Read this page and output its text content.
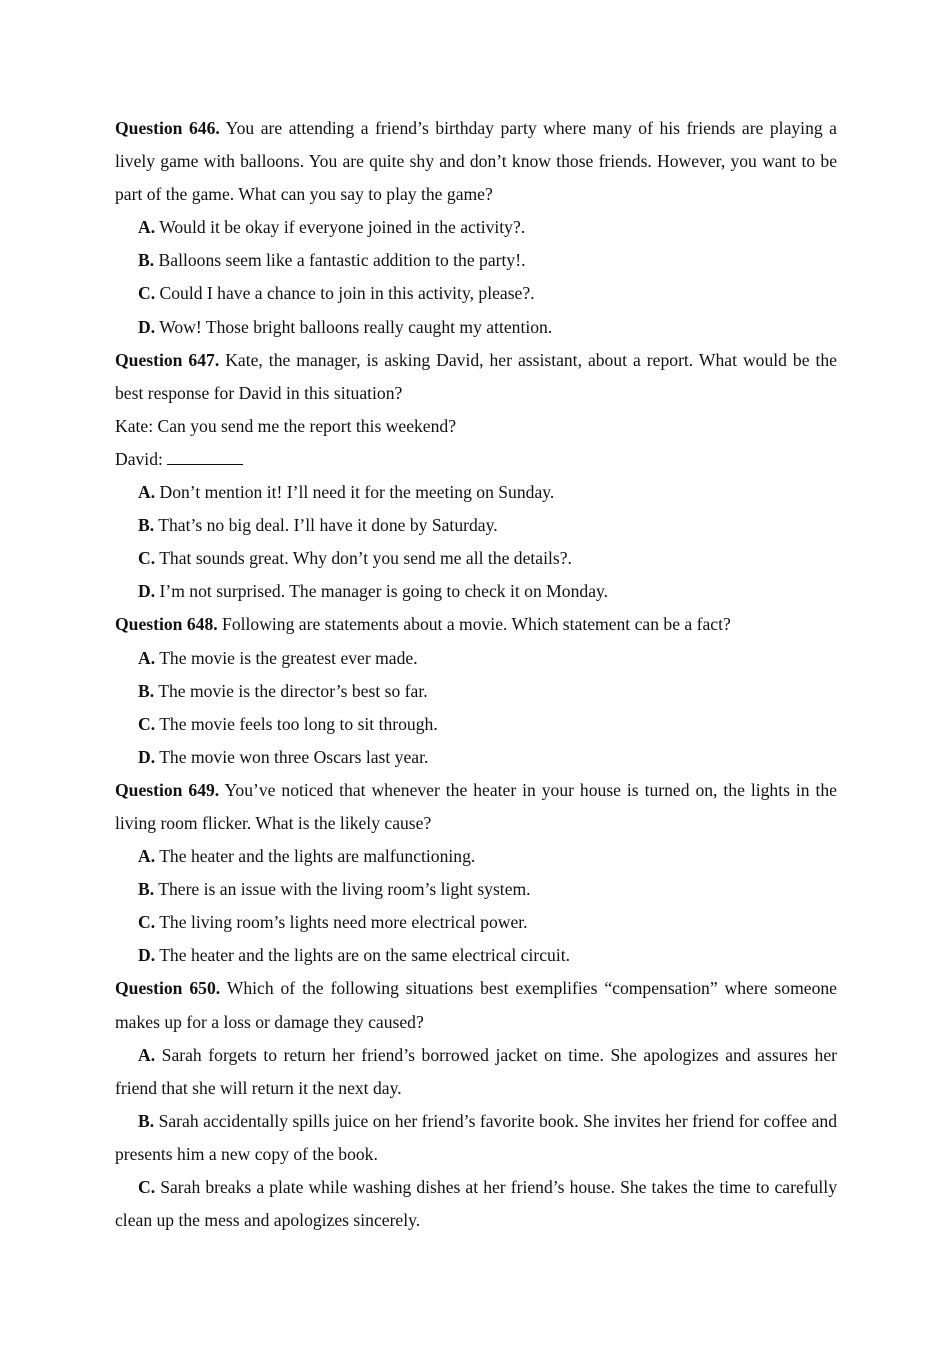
Question 646. You are attending a friend’s birthday party where many of his friends are playing a lively game with balloons. You are quite shy and don’t know those friends. However, you want to be part of the game. What can you say to play the game?

A. Would it be okay if everyone joined in the activity?.

B. Balloons seem like a fantastic addition to the party!.

C. Could I have a chance to join in this activity, please?.

D. Wow! Those bright balloons really caught my attention.

Question 647. Kate, the manager, is asking David, her assistant, about a report. What would be the best response for David in this situation?

Kate: Can you send me the report this weekend?

David:

A. Don’t mention it! I’ll need it for the meeting on Sunday.

B. That’s no big deal. I’ll have it done by Saturday.

C. That sounds great. Why don’t you send me all the details?.

D. I’m not surprised. The manager is going to check it on Monday.

Question 648. Following are statements about a movie. Which statement can be a fact?

A. The movie is the greatest ever made.

B. The movie is the director’s best so far.

C. The movie feels too long to sit through.

D. The movie won three Oscars last year.

Question 649. You’ve noticed that whenever the heater in your house is turned on, the lights in the living room flicker. What is the likely cause?

A. The heater and the lights are malfunctioning.

B. There is an issue with the living room’s light system.

C. The living room’s lights need more electrical power.

D. The heater and the lights are on the same electrical circuit.

Question 650. Which of the following situations best exemplifies “compensation” where someone makes up for a loss or damage they caused?

A. Sarah forgets to return her friend’s borrowed jacket on time. She apologizes and assures her friend that she will return it the next day.

B. Sarah accidentally spills juice on her friend’s favorite book. She invites her friend for coffee and presents him a new copy of the book.

C. Sarah breaks a plate while washing dishes at her friend’s house. She takes the time to carefully clean up the mess and apologizes sincerely.
